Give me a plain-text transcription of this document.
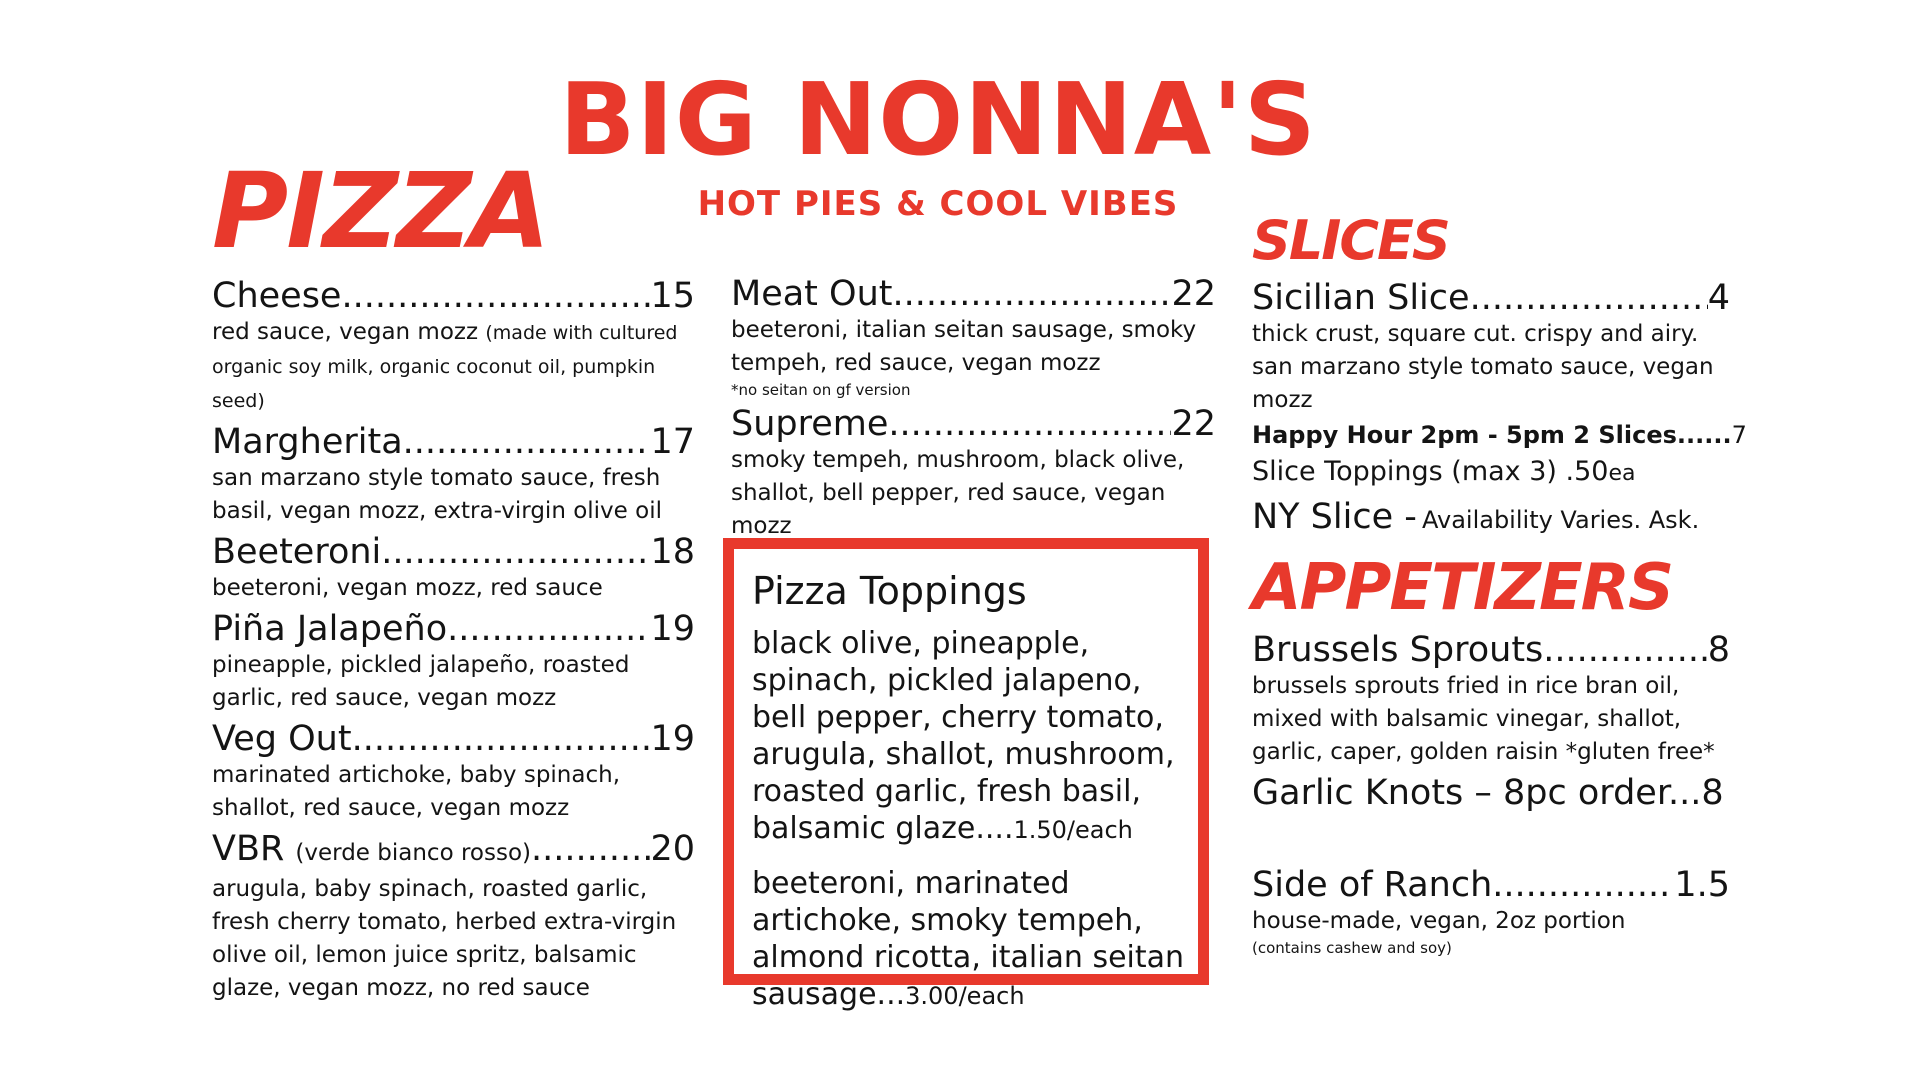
BIG NONNA'S
HOT PIES & COOL VIBES
PIZZA	SLICES
APPETIZERS
Cheese .....	15
red sauce, vegan mozz (made with cultured organic soy milk, organic coconut oil, pumpkin seed)
Margherita .....	17
san marzano style tomato sauce, fresh basil, vegan mozz, extra-virgin olive oil
Beeteroni .....	18
beeteroni, vegan mozz, red sauce
Piña Jalapeño .....	19
pineapple, pickled jalapeño, roasted garlic, red sauce, vegan mozz
Veg Out .....	19
marinated artichoke, baby spinach, shallot, red sauce, vegan mozz
VBR (verde bianco rosso) .....	20
arugula, baby spinach, roasted garlic, fresh cherry tomato, herbed extra-virgin olive oil, lemon juice spritz, balsamic glaze, vegan mozz, no red sauce
Meat Out .....	22
beeteroni, italian seitan sausage, smoky tempeh, red sauce, vegan mozz
*no seitan on gf version
Supreme .....	22
smoky tempeh, mushroom, black olive, shallot, bell pepper, red sauce, vegan mozz
Pizza Toppings
black olive, pineapple, spinach, pickled jalapeno, bell pepper, cherry tomato, arugula, shallot, mushroom, roasted garlic, fresh basil, balsamic glaze....1.50/each
beeteroni, marinated artichoke, smoky tempeh, almond ricotta, italian seitan sausage...3.00/each
Sicilian Slice .....	4
thick crust, square cut. crispy and airy. san marzano style tomato sauce, vegan mozz
Happy Hour 2pm - 5pm 2 Slices......7
Slice Toppings (max 3) .50ea
NY Slice - Availability Varies. Ask.
Brussels Sprouts .....	8
brussels sprouts fried in rice bran oil, mixed with balsamic vinegar, shallot, garlic, caper, golden raisin *gluten free*
Garlic Knots – 8pc order...8
Side of Ranch .....	1.5
house-made, vegan, 2oz portion
(contains cashew and soy)
